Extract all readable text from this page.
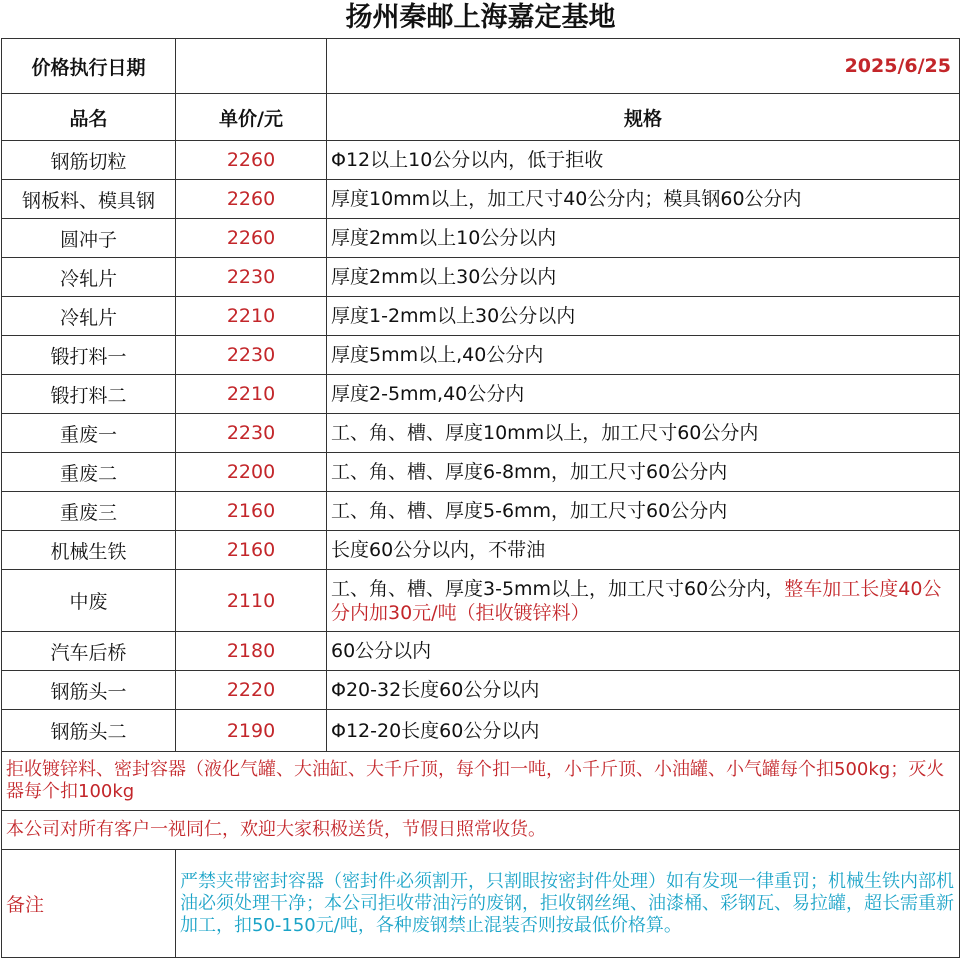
扬州秦邮上海嘉定基地
价格执行日期		2025/6/25
品名	单价/元	规格
钢筋切粒	2260	Φ12以上10公分以内，低于拒收
钢板料、模具钢	2260	厚度10mm以上，加工尺寸40公分内；模具钢60公分内
圆冲子	2260	厚度2mm以上10公分以内
冷轧片	2230	厚度2mm以上30公分以内
冷轧片	2210	厚度1-2mm以上30公分以内
锻打料一	2230	厚度5mm以上,40公分内
锻打料二	2210	厚度2-5mm,40公分内
重废一	2230	工、角、槽、厚度10mm以上，加工尺寸60公分内
重废二	2200	工、角、槽、厚度6-8mm，加工尺寸60公分内
重废三	2160	工、角、槽、厚度5-6mm，加工尺寸60公分内
机械生铁	2160	长度60公分以内，不带油
中废	2110	工、角、槽、厚度3-5mm以上，加工尺寸60公分内，整车加工长度40公分内加30元/吨（拒收镀锌料）
汽车后桥	2180	60公分以内
钢筋头一	2220	Φ20-32长度60公分以内
钢筋头二	2190	Φ12-20长度60公分以内
拒收镀锌料、密封容器（液化气罐、大油缸、大千斤顶，每个扣一吨，小千斤顶、小油罐、小气罐每个扣500kg；灭火器每个扣100kg		
本公司对所有客户一视同仁，欢迎大家积极送货，节假日照常收货。		
备注	严禁夹带密封容器（密封件必须割开，只割眼按密封件处理）如有发现一律重罚；机械生铁内部机油必须处理干净；本公司拒收带油污的废钢，拒收钢丝绳、油漆桶、彩钢瓦、易拉罐，超长需重新加工，扣50-150元/吨，各种废钢禁止混装否则按最低价格算。	
